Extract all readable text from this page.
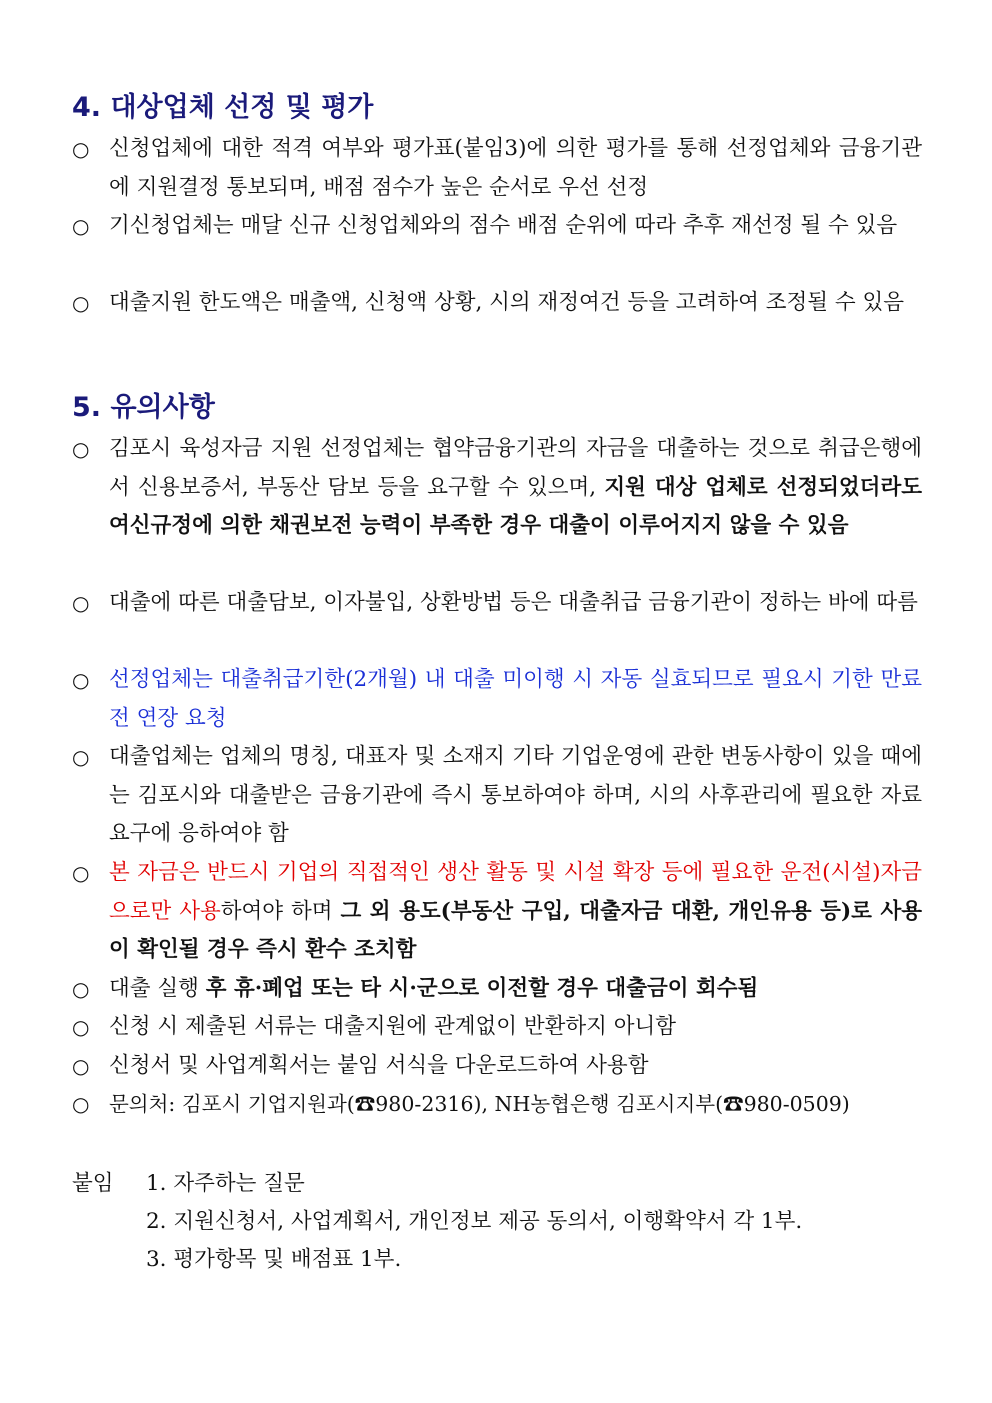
4. 대상업체 선정 및 평가
○ 신청업체에 대한 적격 여부와 평가표(붙임3)에 의한 평가를 통해 선정업체와 금융기관에 지원결정 통보되며, 배점 점수가 높은 순서로 우선 선정
○ 기신청업체는 매달 신규 신청업체와의 점수 배점 순위에 따라 추후 재선정 될 수 있음
○ 대출지원 한도액은 매출액, 신청액 상황, 시의 재정여건 등을 고려하여 조정될 수 있음
5. 유의사항
○ 김포시 육성자금 지원 선정업체는 협약금융기관의 자금을 대출하는 것으로 취급은행에서 신용보증서, 부동산 담보 등을 요구할 수 있으며, 지원 대상 업체로 선정되었더라도 여신규정에 의한 채권보전 능력이 부족한 경우 대출이 이루어지지 않을 수 있음
○ 대출에 따른 대출담보, 이자불입, 상환방법 등은 대출취급 금융기관이 정하는 바에 따름
○ 선정업체는 대출취급기한(2개월) 내 대출 미이행 시 자동 실효되므로 필요시 기한 만료 전 연장 요청
○ 대출업체는 업체의 명칭, 대표자 및 소재지 기타 기업운영에 관한 변동사항이 있을 때에는 김포시와 대출받은 금융기관에 즉시 통보하여야 하며, 시의 사후관리에 필요한 자료 요구에 응하여야 함
○ 본 자금은 반드시 기업의 직접적인 생산 활동 및 시설 확장 등에 필요한 운전(시설)자금으로만 사용하여야 하며 그 외 용도(부동산 구입, 대출자금 대환, 개인유용 등)로 사용이 확인될 경우 즉시 환수 조치함
○ 대출 실행 후 휴·폐업 또는 타 시·군으로 이전할 경우 대출금이 회수됨
○ 신청 시 제출된 서류는 대출지원에 관계없이 반환하지 아니함
○ 신청서 및 사업계획서는 붙임 서식을 다운로드하여 사용함
○ 문의처: 김포시 기업지원과(☎980-2316), NH농협은행 김포시지부(☎980-0509)
붙임 1. 자주하는 질문
2. 지원신청서, 사업계획서, 개인정보 제공 동의서, 이행확약서 각 1부.
3. 평가항목 및 배점표 1부.
